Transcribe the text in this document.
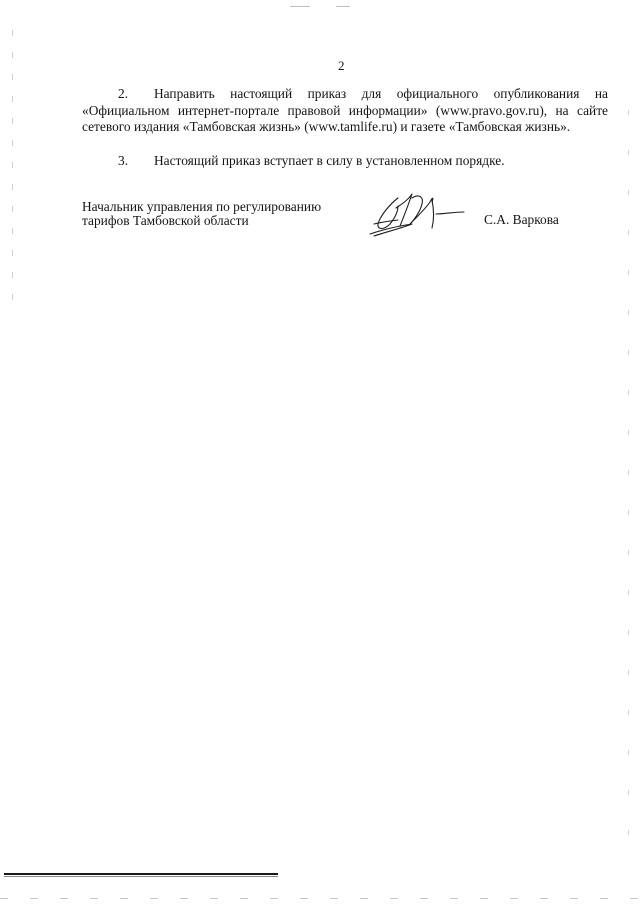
2
2. Направить настоящий приказ для официального опубликования на «Официальном интернет-портале правовой информации» (www.pravo.gov.ru), на сайте сетевого издания «Тамбовская жизнь» (www.tamlife.ru) и газете «Тамбовская жизнь».
3. Настоящий приказ вступает в силу в установленном порядке.
Начальник управления по регулированию
тарифов Тамбовской области	С.А. Варкова
